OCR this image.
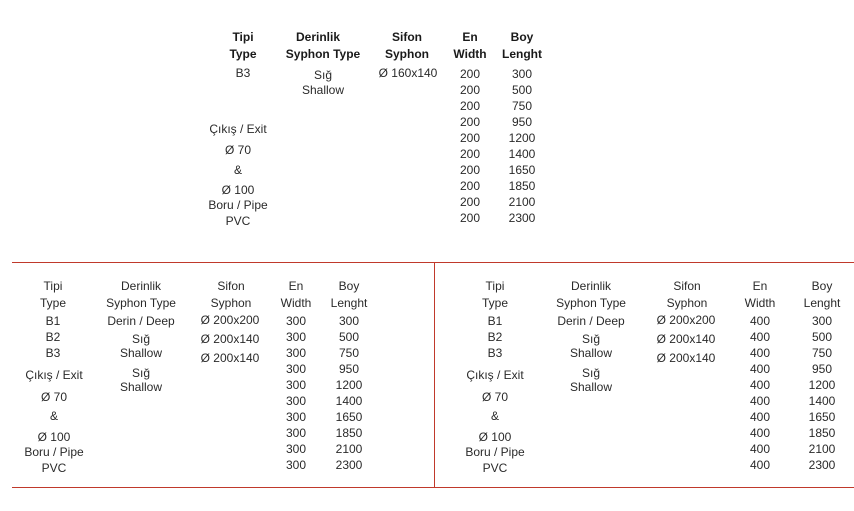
Tipi
Type
Derinlik
Syphon Type
Sifon
Syphon
En
Width
Boy
Lenght
B3
Çıkış / Exit
Ø 70
&
Ø 100
Boru / Pipe
PVC
Sığ
Shallow
Ø 160x140	200
200
200
200
200
200
200
200
200
200
300
500
750
950
1200
1400
1650
1850
2100
2300
Tipi
Type
Derinlik
Syphon Type
Sifon
Syphon
En
Width
Boy
Lenght
B1
B2
B3
Çıkış / Exit
Ø 70
&
Ø 100
Boru / Pipe
PVC
Derin / Deep
Sığ
Shallow
Sığ
Shallow
Ø 200x200
Ø 200x140
Ø 200x140
300
300
300
300
300
300
300
300
300
300
300
500
750
950
1200
1400
1650
1850
2100
2300
Tipi
Type
Derinlik
Syphon Type
Sifon
Syphon
En
Width
Boy
Lenght
B1
B2
B3
Çıkış / Exit
Ø 70
&
Ø 100
Boru / Pipe
PVC
Derin / Deep
Sığ
Shallow
Sığ
Shallow
Ø 200x200
Ø 200x140
Ø 200x140
400
400
400
400
400
400
400
400
400
400
300
500
750
950
1200
1400
1650
1850
2100
2300
